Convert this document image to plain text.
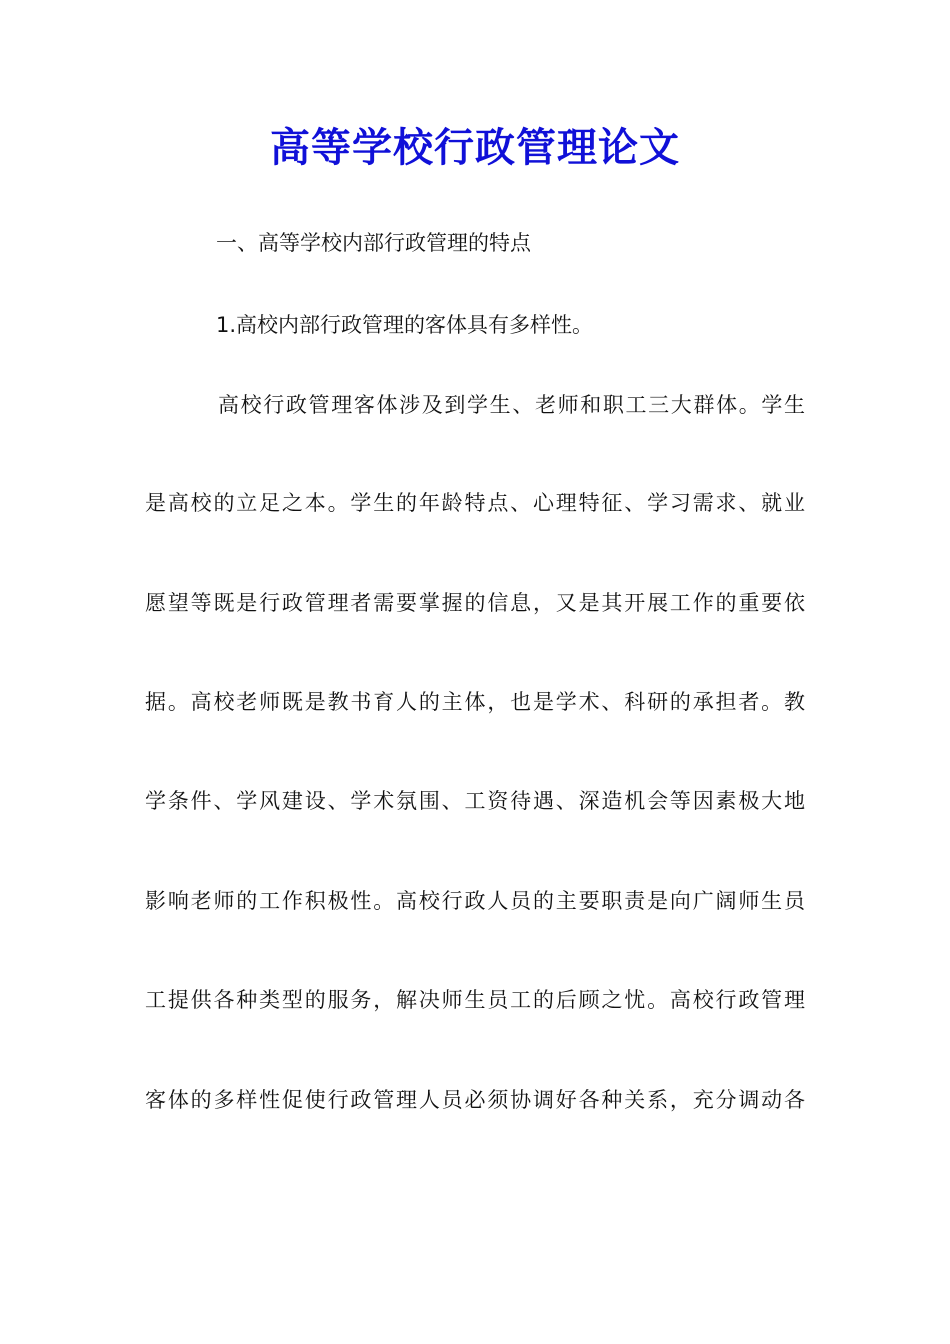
高等学校行政管理论文
一、高等学校内部行政管理的特点
1.高校内部行政管理的客体具有多样性。
高校行政管理客体涉及到学生、老师和职工三大群体。学生
是高校的立足之本。学生的年龄特点、心理特征、学习需求、就业
愿望等既是行政管理者需要掌握的信息，又是其开展工作的重要依
据。高校老师既是教书育人的主体，也是学术、科研的承担者。教
学条件、学风建设、学术氛围、工资待遇、深造机会等因素极大地
影响老师的工作积极性。高校行政人员的主要职责是向广阔师生员
工提供各种类型的服务，解决师生员工的后顾之忧。高校行政管理
客体的多样性促使行政管理人员必须协调好各种关系，充分调动各
